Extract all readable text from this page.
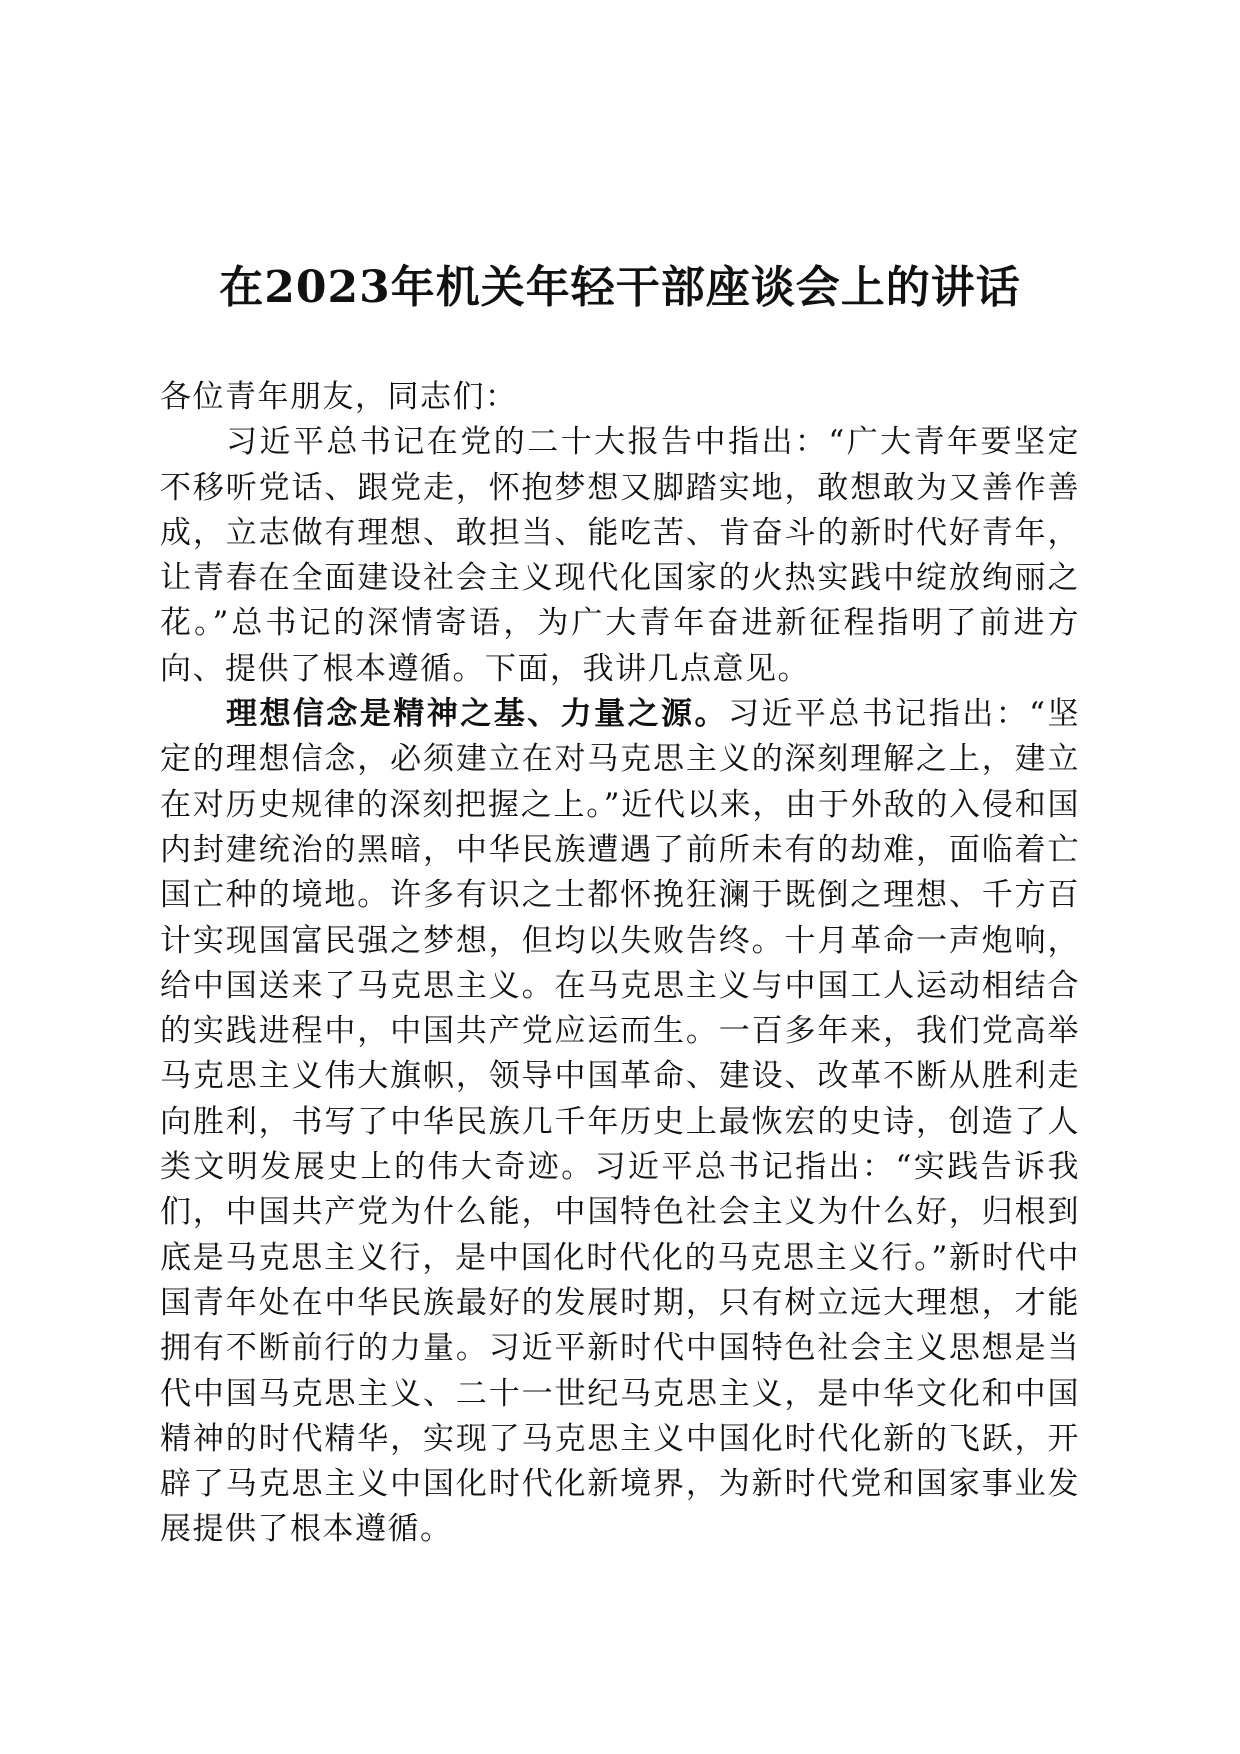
在2023年机关年轻干部座谈会上的讲话

各位青年朋友，同志们：

习近平总书记在党的二十大报告中指出：“广大青年要坚定不移听党话、跟党走，怀抱梦想又脚踏实地，敢想敢为又善作善成，立志做有理想、敢担当、能吃苦、肯奋斗的新时代好青年，让青春在全面建设社会主义现代化国家的火热实践中绽放绚丽之花。”总书记的深情寄语，为广大青年奋进新征程指明了前进方向、提供了根本遵循。下面，我讲几点意见。

理想信念是精神之基、力量之源。习近平总书记指出：“坚定的理想信念，必须建立在对马克思主义的深刻理解之上，建立在对历史规律的深刻把握之上。”近代以来，由于外敌的入侵和国内封建统治的黑暗，中华民族遭遇了前所未有的劫难，面临着亡国亡种的境地。许多有识之士都怀挽狂澜于既倒之理想、千方百计实现国富民强之梦想，但均以失败告终。十月革命一声炮响，给中国送来了马克思主义。在马克思主义与中国工人运动相结合的实践进程中，中国共产党应运而生。一百多年来，我们党高举马克思主义伟大旗帜，领导中国革命、建设、改革不断从胜利走向胜利，书写了中华民族几千年历史上最恢宏的史诗，创造了人类文明发展史上的伟大奇迹。习近平总书记指出：“实践告诉我们，中国共产党为什么能，中国特色社会主义为什么好，归根到底是马克思主义行，是中国化时代化的马克思主义行。”新时代中国青年处在中华民族最好的发展时期，只有树立远大理想，才能拥有不断前行的力量。习近平新时代中国特色社会主义思想是当代中国马克思主义、二十一世纪马克思主义，是中华文化和中国精神的时代精华，实现了马克思主义中国化时代化新的飞跃，开辟了马克思主义中国化时代化新境界，为新时代党和国家事业发展提供了根本遵循。
